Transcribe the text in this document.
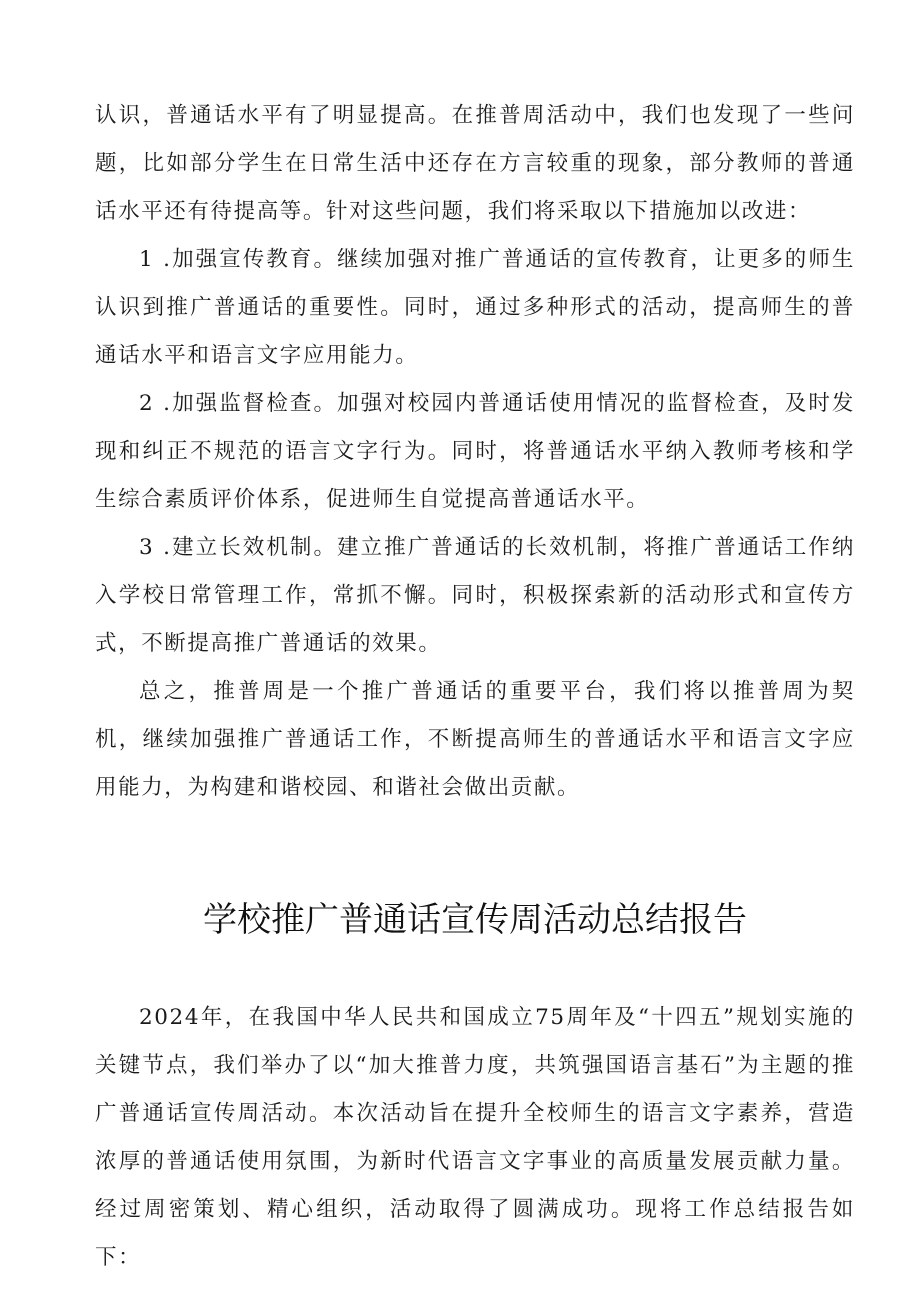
认识，普通话水平有了明显提高。在推普周活动中，我们也发现了一些问题，比如部分学生在日常生活中还存在方言较重的现象，部分教师的普通话水平还有待提高等。针对这些问题，我们将采取以下措施加以改进：

1 .加强宣传教育。继续加强对推广普通话的宣传教育，让更多的师生认识到推广普通话的重要性。同时，通过多种形式的活动，提高师生的普通话水平和语言文字应用能力。

2 .加强监督检查。加强对校园内普通话使用情况的监督检查，及时发现和纠正不规范的语言文字行为。同时，将普通话水平纳入教师考核和学生综合素质评价体系，促进师生自觉提高普通话水平。

3 .建立长效机制。建立推广普通话的长效机制，将推广普通话工作纳入学校日常管理工作，常抓不懈。同时，积极探索新的活动形式和宣传方式，不断提高推广普通话的效果。

总之，推普周是一个推广普通话的重要平台，我们将以推普周为契机，继续加强推广普通话工作，不断提高师生的普通话水平和语言文字应用能力，为构建和谐校园、和谐社会做出贡献。

学校推广普通话宣传周活动总结报告

2024年，在我国中华人民共和国成立75周年及“十四五”规划实施的关键节点，我们举办了以“加大推普力度，共筑强国语言基石”为主题的推广普通话宣传周活动。本次活动旨在提升全校师生的语言文字素养，营造浓厚的普通话使用氛围，为新时代语言文字事业的高质量发展贡献力量。经过周密策划、精心组织，活动取得了圆满成功。现将工作总结报告如下：
